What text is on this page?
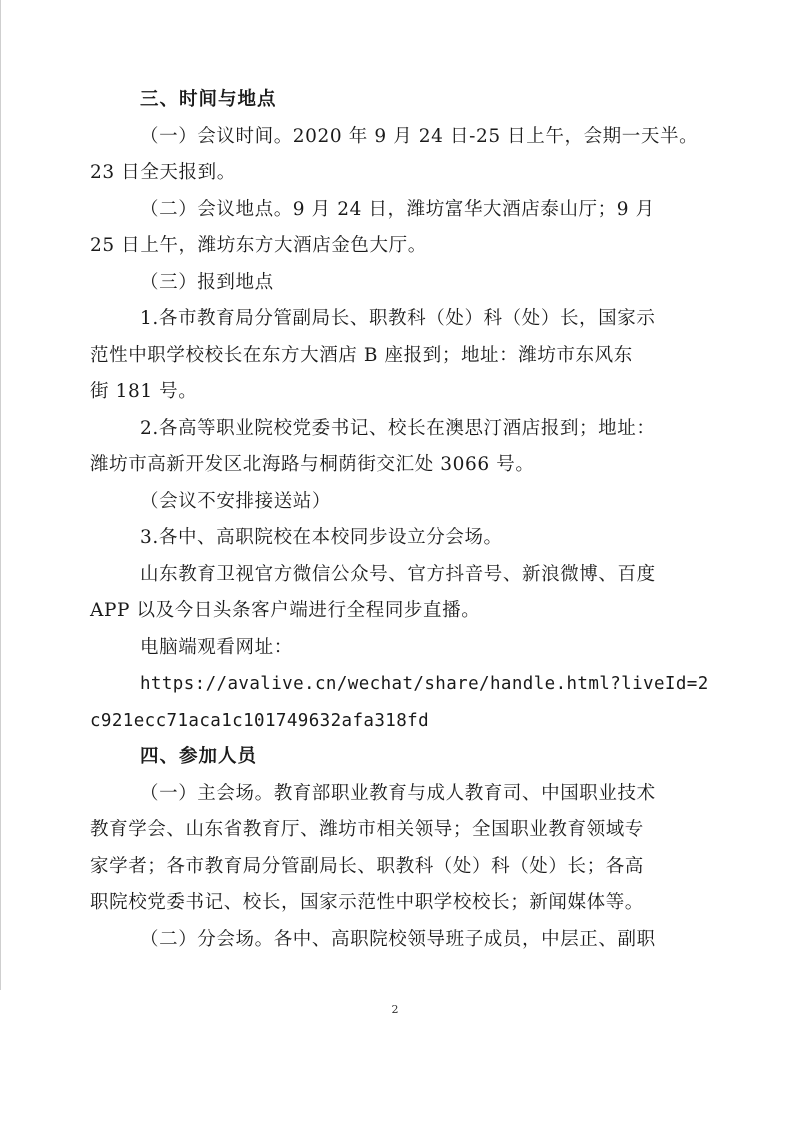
三、时间与地点
（一）会议时间。2020 年 9 月 24 日-25 日上午，会期一天半。
23 日全天报到。
（二）会议地点。9 月 24 日，潍坊富华大酒店泰山厅；9 月
25 日上午，潍坊东方大酒店金色大厅。
（三）报到地点
1.各市教育局分管副局长、职教科（处）科（处）长，国家示
范性中职学校校长在东方大酒店 B 座报到；地址：潍坊市东风东
街 181 号。
2.各高等职业院校党委书记、校长在澳思汀酒店报到；地址：
潍坊市高新开发区北海路与桐荫街交汇处 3066 号。
（会议不安排接送站）
3.各中、高职院校在本校同步设立分会场。
山东教育卫视官方微信公众号、官方抖音号、新浪微博、百度
APP 以及今日头条客户端进行全程同步直播。
电脑端观看网址：
https://avalive.cn/wechat/share/handle.html?liveId=2
c921ecc71aca1c101749632afa318fd
四、参加人员
（一）主会场。教育部职业教育与成人教育司、中国职业技术
教育学会、山东省教育厅、潍坊市相关领导；全国职业教育领域专
家学者；各市教育局分管副局长、职教科（处）科（处）长；各高
职院校党委书记、校长，国家示范性中职学校校长；新闻媒体等。
（二）分会场。各中、高职院校领导班子成员，中层正、副职
2
